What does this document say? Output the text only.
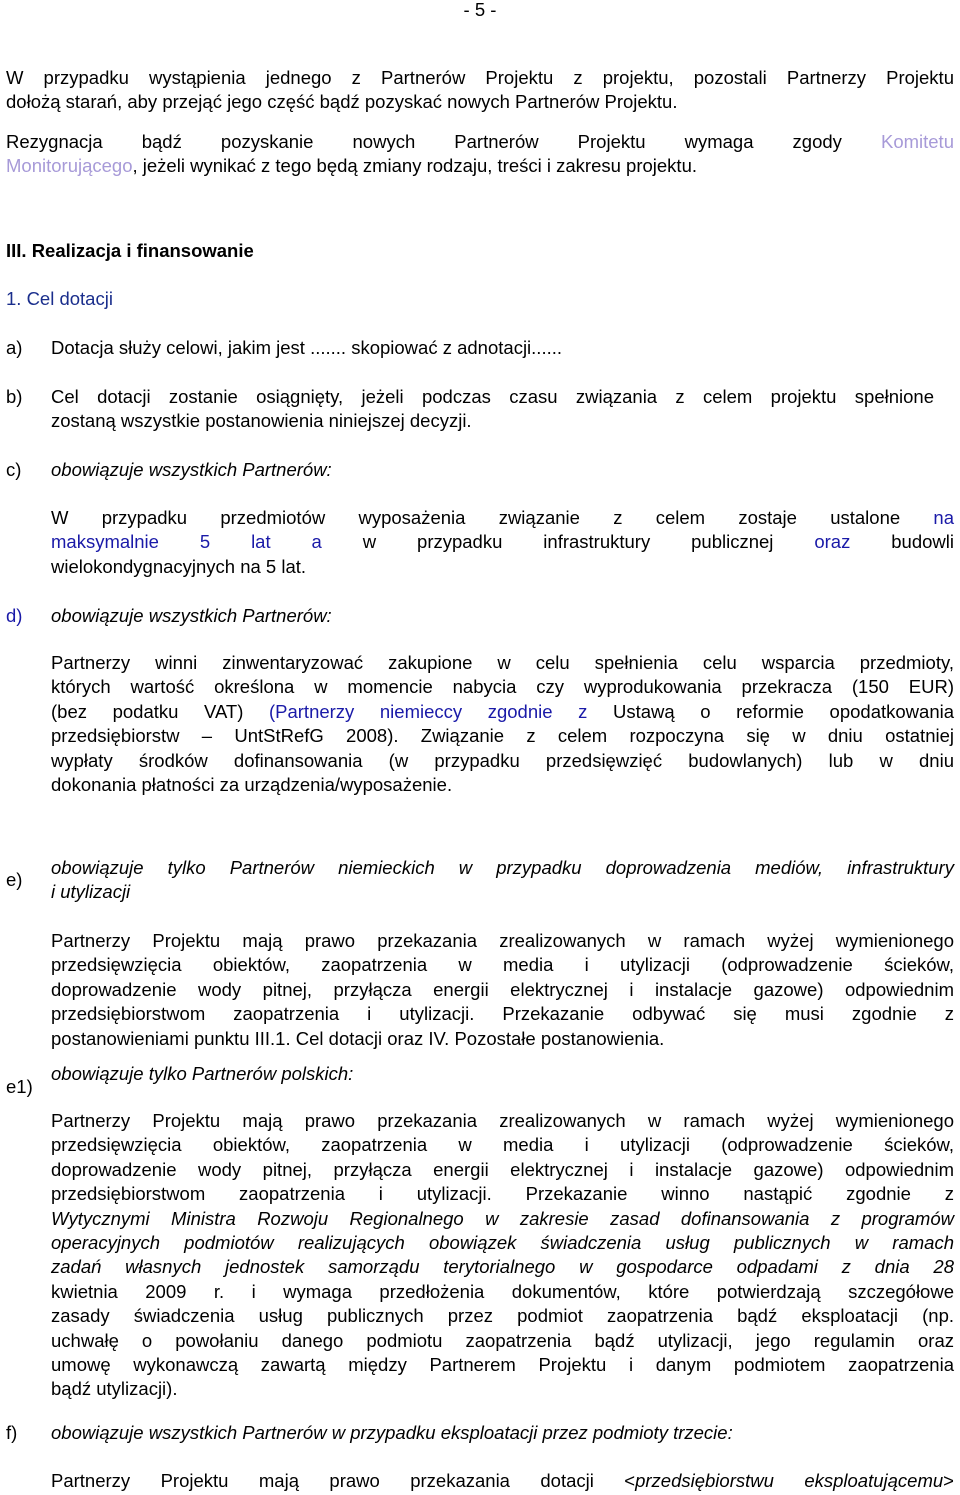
- 5 -
W przypadku wystąpienia jednego z Partnerów Projektu z projektu, pozostali Partnerzy Projektu
dołożą starań, aby przejąć jego część bądź pozyskać nowych Partnerów Projektu.
Rezygnacja bądź pozyskanie nowych Partnerów Projektu wymaga zgody Komitetu
Monitorującego, jeżeli wynikać z tego będą zmiany rodzaju, treści i zakresu projektu.
III. Realizacja i finansowanie
1. Cel dotacji
a) Dotacja służy celowi, jakim jest ....... skopiować z adnotacji......
b) Cel dotacji zostanie osiągnięty, jeżeli podczas czasu związania z celem projektu spełnione
zostaną wszystkie postanowienia niniejszej decyzji.
c) obowiązuje wszystkich Partnerów:
W przypadku przedmiotów wyposażenia związanie z celem zostaje ustalone na
maksymalnie 5 lat a w przypadku infrastruktury publicznej oraz budowli
wielokondygnacyjnych na 5 lat.
d) obowiązuje wszystkich Partnerów:
Partnerzy winni zinwentaryzować zakupione w celu spełnienia celu wsparcia przedmioty,
których wartość określona w momencie nabycia czy wyprodukowania przekracza (150 EUR)
(bez podatku VAT) (Partnerzy niemieccy zgodnie z Ustawą o reformie opodatkowania
przedsiębiorstw – UntStRefG 2008). Związanie z celem rozpoczyna się w dniu ostatniej
wypłaty środków dofinansowania (w przypadku przedsięwzięć budowlanych) lub w dniu
dokonania płatności za urządzenia/wyposażenie.
e)
obowiązuje tylko Partnerów niemieckich w przypadku doprowadzenia mediów, infrastruktury
i utylizacji
Partnerzy Projektu mają prawo przekazania zrealizowanych w ramach wyżej wymienionego
przedsięwzięcia obiektów, zaopatrzenia w media i utylizacji (odprowadzenie ścieków,
doprowadzenie wody pitnej, przyłącza energii elektrycznej i instalacje gazowe) odpowiednim
przedsiębiorstwom zaopatrzenia i utylizacji. Przekazanie odbywać się musi zgodnie z
postanowieniami punktu III.1. Cel dotacji oraz IV. Pozostałe postanowienia.
e1)
obowiązuje tylko Partnerów polskich:
Partnerzy Projektu mają prawo przekazania zrealizowanych w ramach wyżej wymienionego
przedsięwzięcia obiektów, zaopatrzenia w media i utylizacji (odprowadzenie ścieków,
doprowadzenie wody pitnej, przyłącza energii elektrycznej i instalacje gazowe) odpowiednim
przedsiębiorstwom zaopatrzenia i utylizacji. Przekazanie winno nastąpić zgodnie z
Wytycznymi Ministra Rozwoju Regionalnego w zakresie zasad dofinansowania z programów
operacyjnych podmiotów realizujących obowiązek świadczenia usług publicznych w ramach
zadań własnych jednostek samorządu terytorialnego w gospodarce odpadami z dnia 28
kwietnia 2009 r. i wymaga przedłożenia dokumentów, które potwierdzają szczegółowe
zasady świadczenia usług publicznych przez podmiot zaopatrzenia bądź eksploatacji (np.
uchwałę o powołaniu danego podmiotu zaopatrzenia bądź utylizacji, jego regulamin oraz
umowę wykonawczą zawartą między Partnerem Projektu i danym podmiotem zaopatrzenia
bądź utylizacji).
f) obowiązuje wszystkich Partnerów w przypadku eksploatacji przez podmioty trzecie:
Partnerzy Projektu mają prawo przekazania dotacji <przedsiębiorstwu eksploatującemu>
